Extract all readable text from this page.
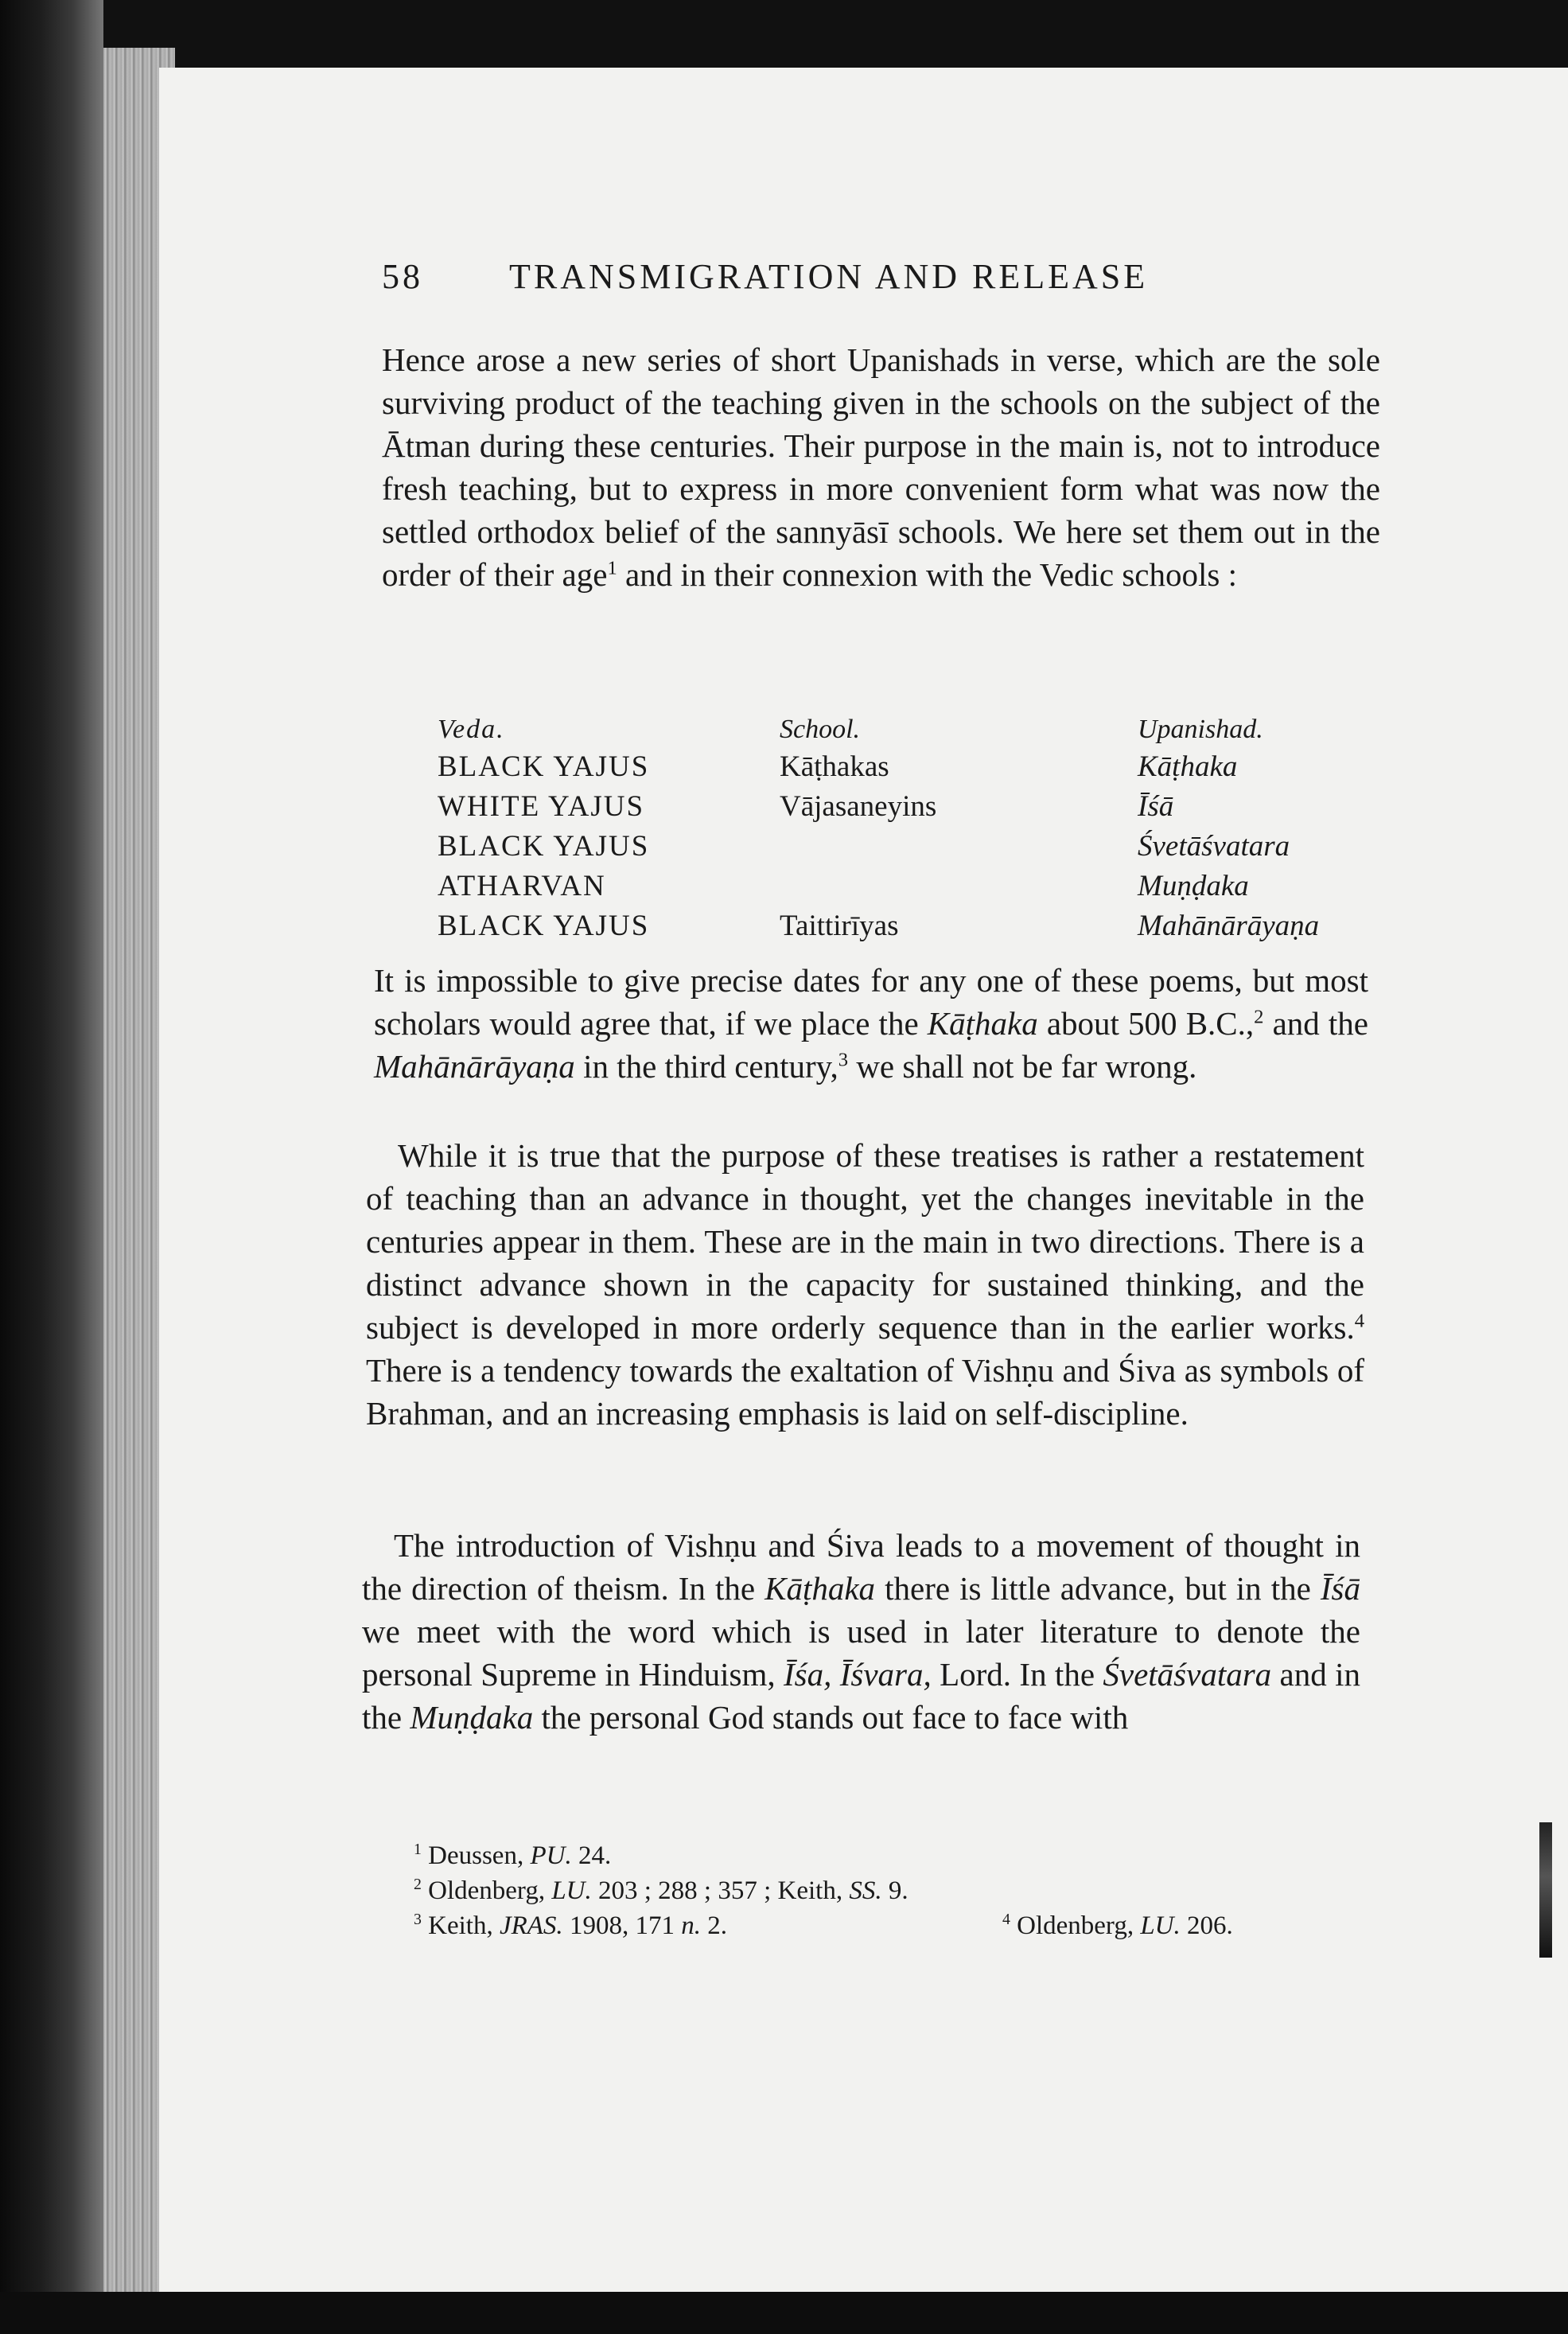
58 TRANSMIGRATION AND RELEASE
Hence arose a new series of short Upanishads in verse, which are the sole surviving product of the teaching given in the schools on the subject of the Ātman during these centuries. Their purpose in the main is, not to introduce fresh teaching, but to express in more convenient form what was now the settled orthodox belief of the sannyāsī schools. We here set them out in the order of their age$^1$ and in their connexion with the Vedic schools :
Veda.
BLACK YAJUS
WHITE YAJUS
BLACK YAJUS
ATHARVAN
BLACK YAJUS
School.
Kāṭhakas
Vājasaneyins
Taittirīyas
Upanishad.
Kāṭhaka
Īśā
Śvetāśvatara
Muṇḍaka
Mahānārāyaṇa
It is impossible to give precise dates for any one of these poems, but most scholars would agree that, if we place the Kāṭhaka about 500 B.C.,$^2$ and the Mahānārāyaṇa in the third century,$^3$ we shall not be far wrong.
While it is true that the purpose of these treatises is rather a restatement of teaching than an advance in thought, yet the changes inevitable in the centuries appear in them. These are in the main in two directions. There is a distinct advance shown in the capacity for sustained thinking, and the subject is developed in more orderly sequence than in the earlier works.$^4$ There is a tendency towards the exaltation of Vishṇu and Śiva as symbols of Brahman, and an increasing emphasis is laid on self-discipline.
The introduction of Vishṇu and Śiva leads to a movement of thought in the direction of theism. In the Kāṭhaka there is little advance, but in the Īśā we meet with the word which is used in later literature to denote the personal Supreme in Hinduism, Īśa, Īśvara, Lord. In the Śvetāśvatara and in the Muṇḍaka the personal God stands out face to face with
$^1$ Deussen, PU. 24.
$^2$ Oldenberg, LU. 203 ; 288 ; 357 ; Keith, SS. 9.
$^3$ Keith, JRAS. 1908, 171 n. 2.	$^4$ Oldenberg, LU. 206.
